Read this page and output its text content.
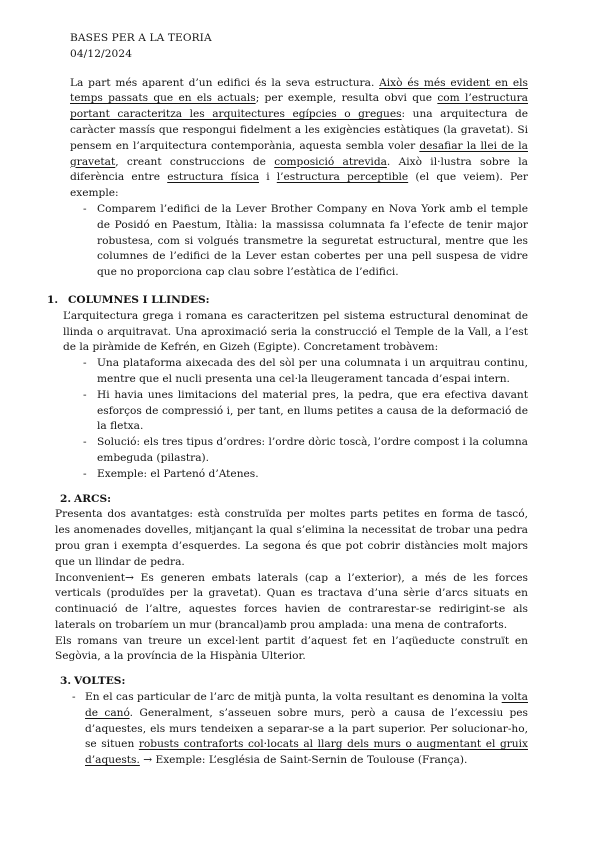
BASES PER A LA TEORIA
04/12/2024

La part més aparent d’un edifici és la seva estructura. Això és més evident en els temps passats que en els actuals; per exemple, resulta obvi que com l’estructura portant caracteritza les arquitectures egípcies o gregues: una arquitectura de caràcter massís que respongui fidelment a les exigències estàtiques (la gravetat). Si pensem en l’arquitectura contemporània, aquesta sembla voler desafiar la llei de la gravetat, creant construccions de composició atrevida. Això il·lustra sobre la diferència entre estructura física i l’estructura perceptible (el que veiem). Per exemple:

- Comparem l’edifici de la Lever Brother Company en Nova York amb el temple de Posidó en Paestum, Itàlia: la massissa columnata fa l’efecte de tenir major robustesa, com si volgués transmetre la seguretat estructural, mentre que les columnes de l’edifici de la Lever estan cobertes per una pell suspesa de vidre que no proporciona cap clau sobre l’estàtica de l’edifici.
1. COLUMNES I LLINDES:

L’arquitectura grega i romana es caracteritzen pel sistema estructural denominat de llinda o arquitravat. Una aproximació seria la construcció el Temple de la Vall, a l’est de la piràmide de Kefrén, en Gizeh (Egipte). Concretament trobàvem:

- Una plataforma aixecada des del sòl per una columnata i un arquitrau continu, mentre que el nucli presenta una cel·la lleugerament tancada d’espai intern.
- Hi havia unes limitacions del material pres, la pedra, que era efectiva davant esforços de compressió i, per tant, en llums petites a causa de la deformació de la fletxa.
- Solució: els tres tipus d’ordres: l’ordre dòric toscà, l’ordre compost i la columna embeguda (pilastra).
- Exemple: el Partenó d’Atenes.
2. ARCS:

Presenta dos avantatges: està construïda per moltes parts petites en forma de tascó, les anomenades dovelles, mitjançant la qual s’elimina la necessitat de trobar una pedra prou gran i exempta d’esquerdes. La segona és que pot cobrir distàncies molt majors que un llindar de pedra.

Inconvenient→ Es generen embats laterals (cap a l’exterior), a més de les forces verticals (produïdes per la gravetat). Quan es tractava d’una sèrie d’arcs situats en continuació de l’altre, aquestes forces havien de contrarestar-se redirigint-se als laterals on trobaríem un mur (brancal)amb prou amplada: una mena de contraforts.

Els romans van treure un excel·lent partit d’aquest fet en l’aqüeducte construït en Segòvia, a la província de la Hispània Ulterior.

3. VOLTES:
- En el cas particular de l’arc de mitjà punta, la volta resultant es denomina la volta de canó. Generalment, s’asseuen sobre murs, però a causa de l’excessiu pes d’aquestes, els murs tendeixen a separar-se a la part superior. Per solucionar-ho, se situen robusts contraforts col·locats al llarg dels murs o augmentant el gruix d’aquests. → Exemple: L’església de Saint-Sernin de Toulouse (França).
